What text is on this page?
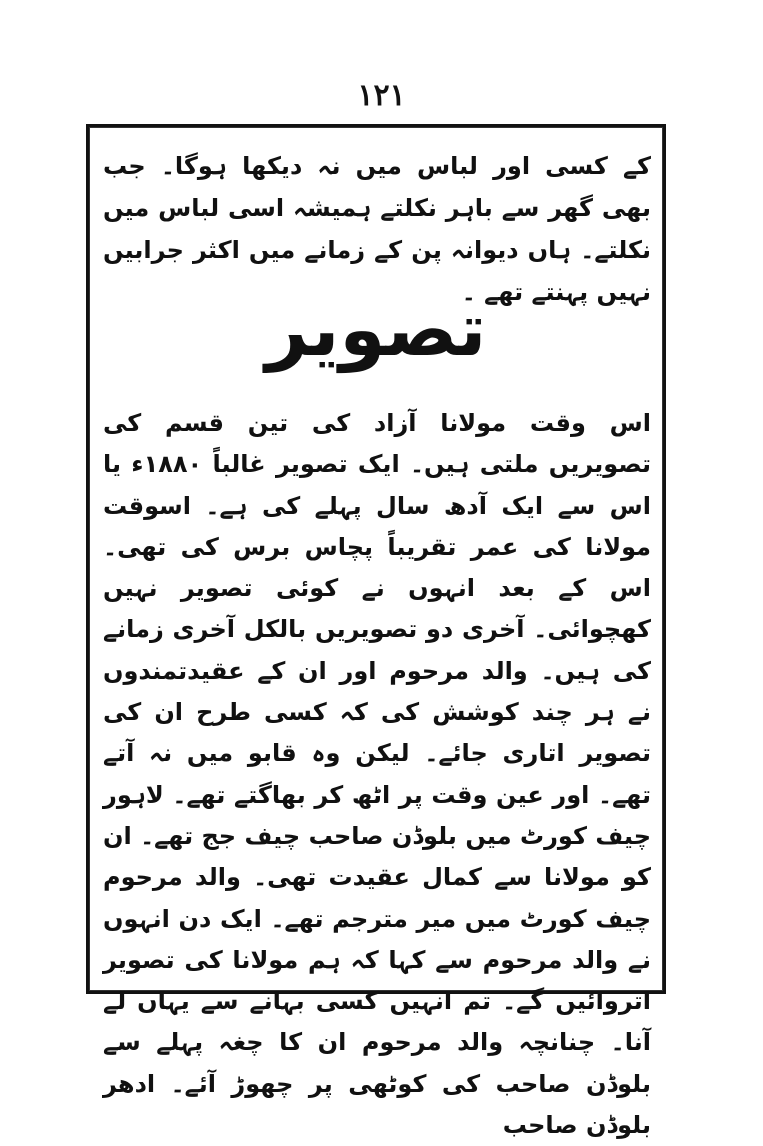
۱۲۱
کے کسی اور لباس میں نہ دیکھا ہوگا۔ جب بھی گھر سے باہر نکلتے ہمیشہ اسی لباس میں نکلتے۔ ہاں دیوانہ پن کے زمانے میں اکثر جرابیں نہیں پہنتے تھے ۔
تصویر
اس وقت مولانا آزاد کی تین قسم کی تصویریں ملتی ہیں۔ ایک تصویر غالباً ۱۸۸۰ء یا اس سے ایک آدھ سال پہلے کی ہے۔ اسوقت مولانا کی عمر تقریباً پچاس برس کی تھی۔ اس کے بعد انہوں نے کوئی تصویر نہیں کھچوائی۔ آخری دو تصویریں بالکل آخری زمانے کی ہیں۔ والد مرحوم اور ان کے عقیدتمندوں نے ہر چند کوشش کی کہ کسی طرح ان کی تصویر اتاری جائے۔ لیکن وہ قابو میں نہ آتے تھے۔ اور عین وقت پر اٹھ کر بھاگتے تھے۔ لاہور چیف کورٹ میں بلوڈن صاحب چیف جج تھے۔ ان کو مولانا سے کمال عقیدت تھی۔ والد مرحوم چیف کورٹ میں میر مترجم تھے۔ ایک دن انہوں نے والد مرحوم سے کہا کہ ہم مولانا کی تصویر اتروائیں گے۔ تم انہیں کسی بہانے سے یہاں لے آنا۔ چنانچہ والد مرحوم ان کا چغہ پہلے سے بلوڈن صاحب کی کوٹھی پر چھوڑ آئے۔ ادھر بلوڈن صاحب
